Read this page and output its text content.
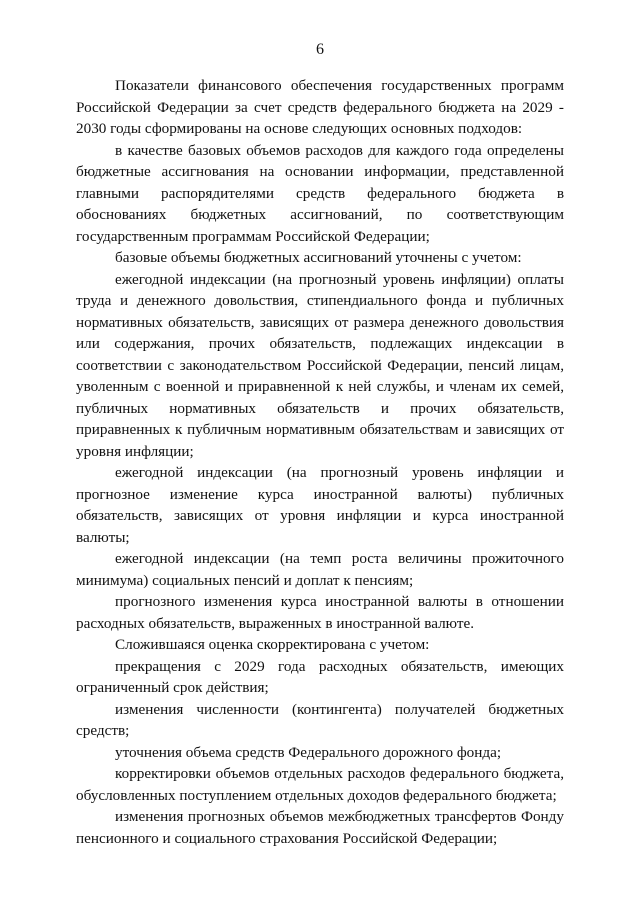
6

Показатели финансового обеспечения государственных программ Российской Федерации за счет средств федерального бюджета на 2029 - 2030 годы сформированы на основе следующих основных подходов:

в качестве базовых объемов расходов для каждого года определены бюджетные ассигнования на основании информации, представленной главными распорядителями средств федерального бюджета в обоснованиях бюджетных ассигнований, по соответствующим государственным программам Российской Федерации;

базовые объемы бюджетных ассигнований уточнены с учетом:

ежегодной индексации (на прогнозный уровень инфляции) оплаты труда и денежного довольствия, стипендиального фонда и публичных нормативных обязательств, зависящих от размера денежного довольствия или содержания, прочих обязательств, подлежащих индексации в соответствии с законодательством Российской Федерации, пенсий лицам, уволенным с военной и приравненной к ней службы, и членам их семей, публичных нормативных обязательств и прочих обязательств, приравненных к публичным нормативным обязательствам и зависящих от уровня инфляции;

ежегодной индексации (на прогнозный уровень инфляции и прогнозное изменение курса иностранной валюты) публичных обязательств, зависящих от уровня инфляции и курса иностранной валюты;

ежегодной индексации (на темп роста величины прожиточного минимума) социальных пенсий и доплат к пенсиям;

прогнозного изменения курса иностранной валюты в отношении расходных обязательств, выраженных в иностранной валюте.

Сложившаяся оценка скорректирована с учетом:

прекращения с 2029 года расходных обязательств, имеющих ограниченный срок действия;

изменения численности (контингента) получателей бюджетных средств;

уточнения объема средств Федерального дорожного фонда;

корректировки объемов отдельных расходов федерального бюджета, обусловленных поступлением отдельных доходов федерального бюджета;

изменения прогнозных объемов межбюджетных трансфертов Фонду пенсионного и социального страхования Российской Федерации;
